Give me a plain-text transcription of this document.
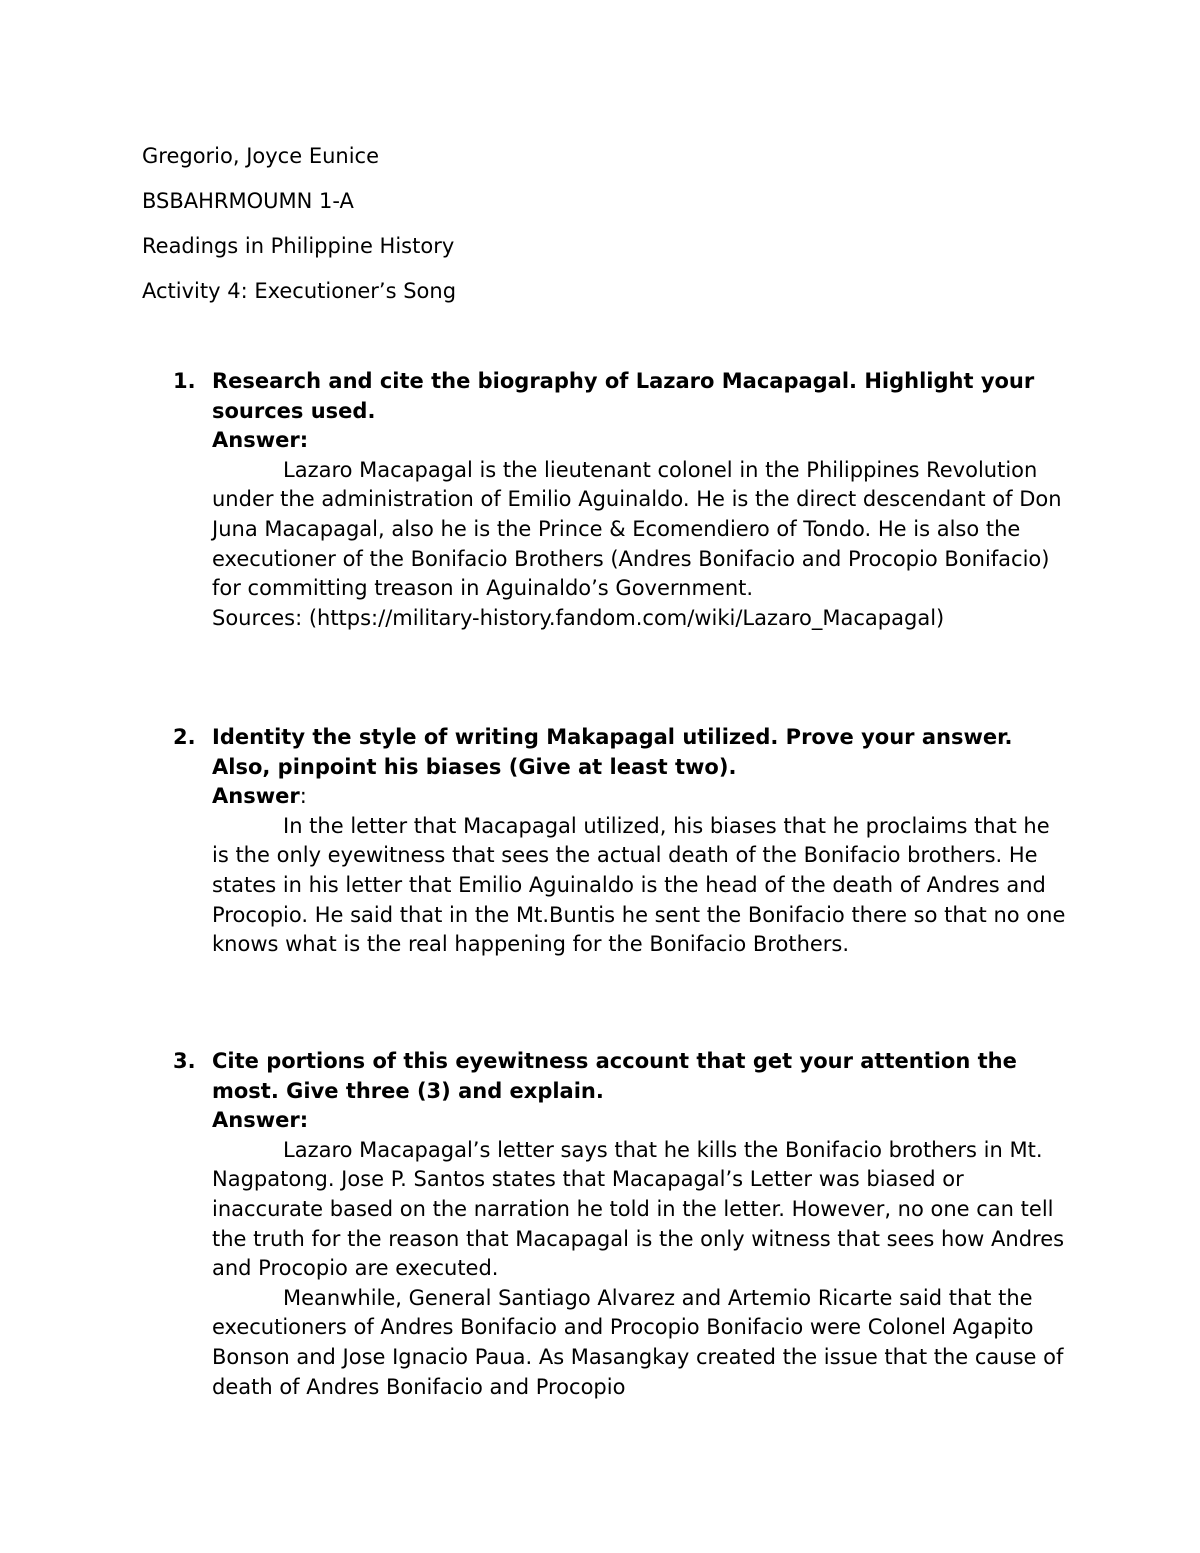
Gregorio, Joyce Eunice
BSBAHRMOUMN 1-A
Readings in Philippine History
Activity 4: Executioner’s Song
1. Research and cite the biography of Lazaro Macapagal. Highlight your sources used.

Answer:

Lazaro Macapagal is the lieutenant colonel in the Philippines Revolution under the administration of Emilio Aguinaldo. He is the direct descendant of Don Juna Macapagal, also he is the Prince & Ecomendiero of Tondo. He is also the executioner of the Bonifacio Brothers (Andres Bonifacio and Procopio Bonifacio) for committing treason in Aguinaldo’s Government.

Sources: (https://military-history.fandom.com/wiki/Lazaro_Macapagal)

2. Identity the style of writing Makapagal utilized. Prove your answer. Also, pinpoint his biases (Give at least two).

Answer:

In the letter that Macapagal utilized, his biases that he proclaims that he is the only eyewitness that sees the actual death of the Bonifacio brothers. He states in his letter that Emilio Aguinaldo is the head of the death of Andres and Procopio. He said that in the Mt.Buntis he sent the Bonifacio there so that no one knows what is the real happening for the Bonifacio Brothers.

3. Cite portions of this eyewitness account that get your attention the most. Give three (3) and explain.

Answer:

Lazaro Macapagal’s letter says that he kills the Bonifacio brothers in Mt. Nagpatong. Jose P. Santos states that Macapagal’s Letter was biased or inaccurate based on the narration he told in the letter. However, no one can tell the truth for the reason that Macapagal is the only witness that sees how Andres and Procopio are executed.

Meanwhile, General Santiago Alvarez and Artemio Ricarte said that the executioners of Andres Bonifacio and Procopio Bonifacio were Colonel Agapito Bonson and Jose Ignacio Paua. As Masangkay created the issue that the cause of death of Andres Bonifacio and Procopio
